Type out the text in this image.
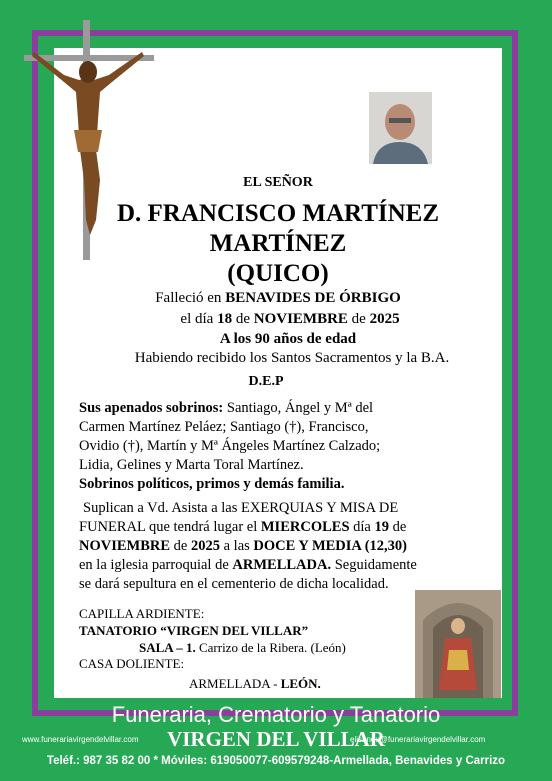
EL SEÑOR
D. FRANCISCO MARTÍNEZ
MARTÍNEZ
(QUICO)
Falleció en BENAVIDES DE ÓRBIGO
el día 18 de NOVIEMBRE de 2025
A los 90 años de edad
Habiendo recibido los Santos Sacramentos y la B.A.
D.E.P
Sus apenados sobrinos: Santiago, Ángel y Mª del
Carmen Martínez Peláez; Santiago (†), Francisco,
Ovidio (†), Martín y Mª Ángeles Martínez Calzado;
Lidia, Gelines y Marta Toral Martínez.
Sobrinos políticos, primos y demás familia.
Suplican a Vd. Asista a las EXERQUIAS Y MISA DE
FUNERAL que tendrá lugar el MIERCOLES día 19 de
NOVIEMBRE de 2025 a las DOCE Y MEDIA (12,30)
en la iglesia parroquial de ARMELLADA. Seguidamente
se dará sepultura en el cementerio de dicha localidad.
CAPILLA ARDIENTE:
TANATORIO “VIRGEN DEL VILLAR”
SALA – 1. Carrizo de la Ribera. (León)
CASA DOLIENTE:
ARMELLADA - LEÓN.
Funeraria, Crematorio y Tanatorio
www.funerariavirgendelvillar.com	VIRGEN DEL VILLAR
elisandu@funerariavirgendelvillar.com
Teléf.: 987 35 82 00 * Móviles: 619050077-609579248-Armellada, Benavides y Carrizo
